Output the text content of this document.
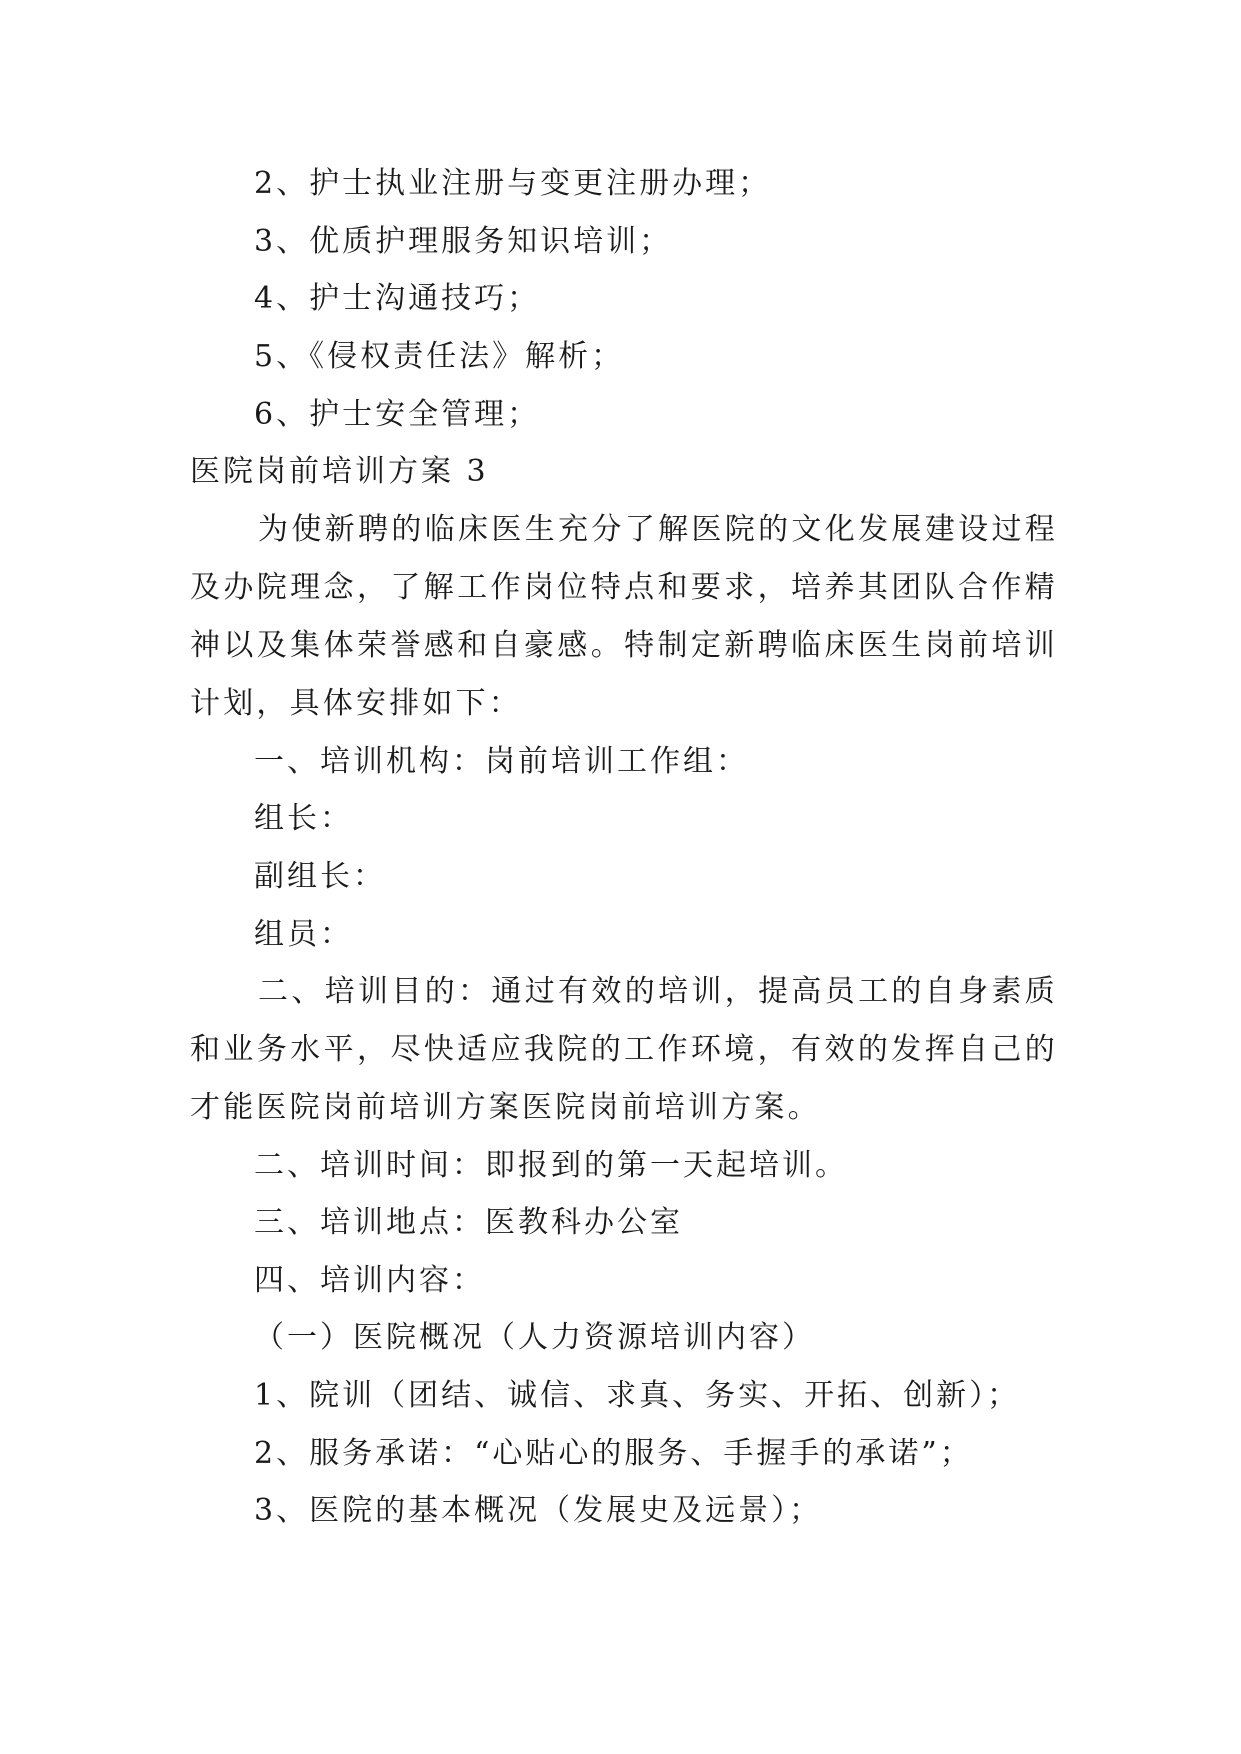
2、护士执业注册与变更注册办理；
3、优质护理服务知识培训；
4、护士沟通技巧；
5、《侵权责任法》解析；
6、护士安全管理；
医院岗前培训方案 3
为使新聘的临床医生充分了解医院的文化发展建设过程及办院理念，了解工作岗位特点和要求，培养其团队合作精神以及集体荣誉感和自豪感。特制定新聘临床医生岗前培训计划，具体安排如下：
一、培训机构：岗前培训工作组：
组长：
副组长：
组员：
二、培训目的：通过有效的培训，提高员工的自身素质和业务水平，尽快适应我院的工作环境，有效的发挥自己的才能医院岗前培训方案医院岗前培训方案。
二、培训时间：即报到的第一天起培训。
三、培训地点：医教科办公室
四、培训内容：
（一）医院概况（人力资源培训内容）
1、院训（团结、诚信、求真、务实、开拓、创新）；
2、服务承诺：“心贴心的服务、手握手的承诺”；
3、医院的基本概况（发展史及远景）；
